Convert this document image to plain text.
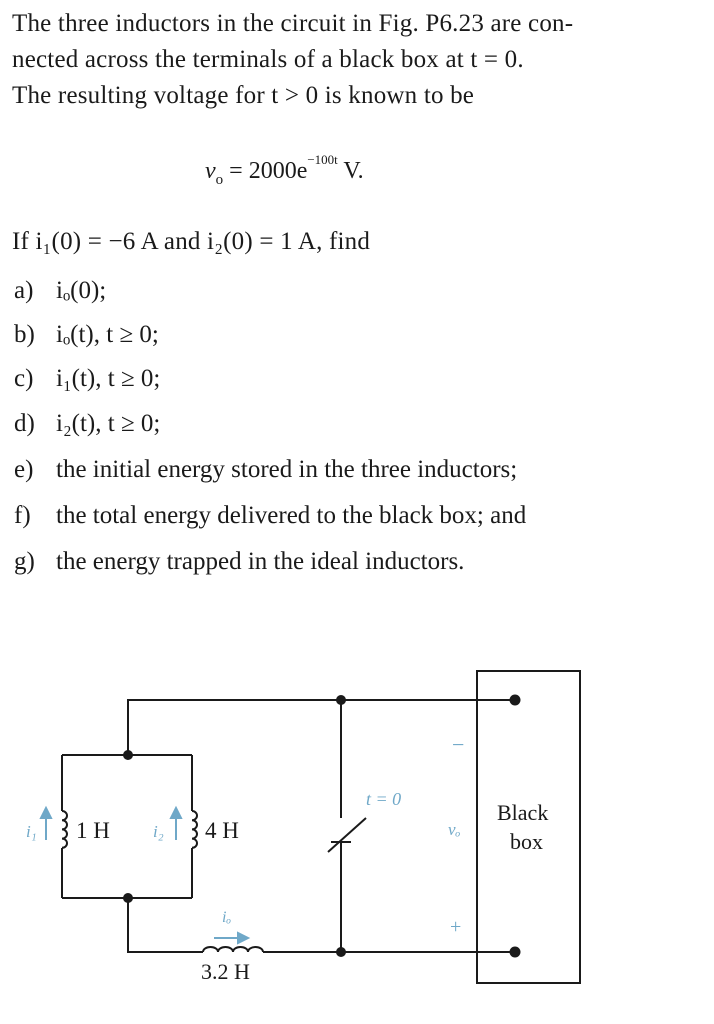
The three inductors in the circuit in Fig. P6.23 are con-
nected across the terminals of a black box at t = 0.
The resulting voltage for t > 0 is known to be
$v_o = 2000e^{-100t}$ V.
If i₁(0) = −6 A and i₂(0) = 1 A, find
a) iₒ(0);
b) iₒ(t), t ≥ 0;
c) i₁(t), t ≥ 0;
d) i₂(t), t ≥ 0;
e) the initial energy stored in the three inductors;
f) the total energy delivered to the black box; and
g) the energy trapped in the ideal inductors.
i₁ 1 H	i₂ 4 H
iₒ
3.2 H
t = 0
vₒ
−
+
Black
box
